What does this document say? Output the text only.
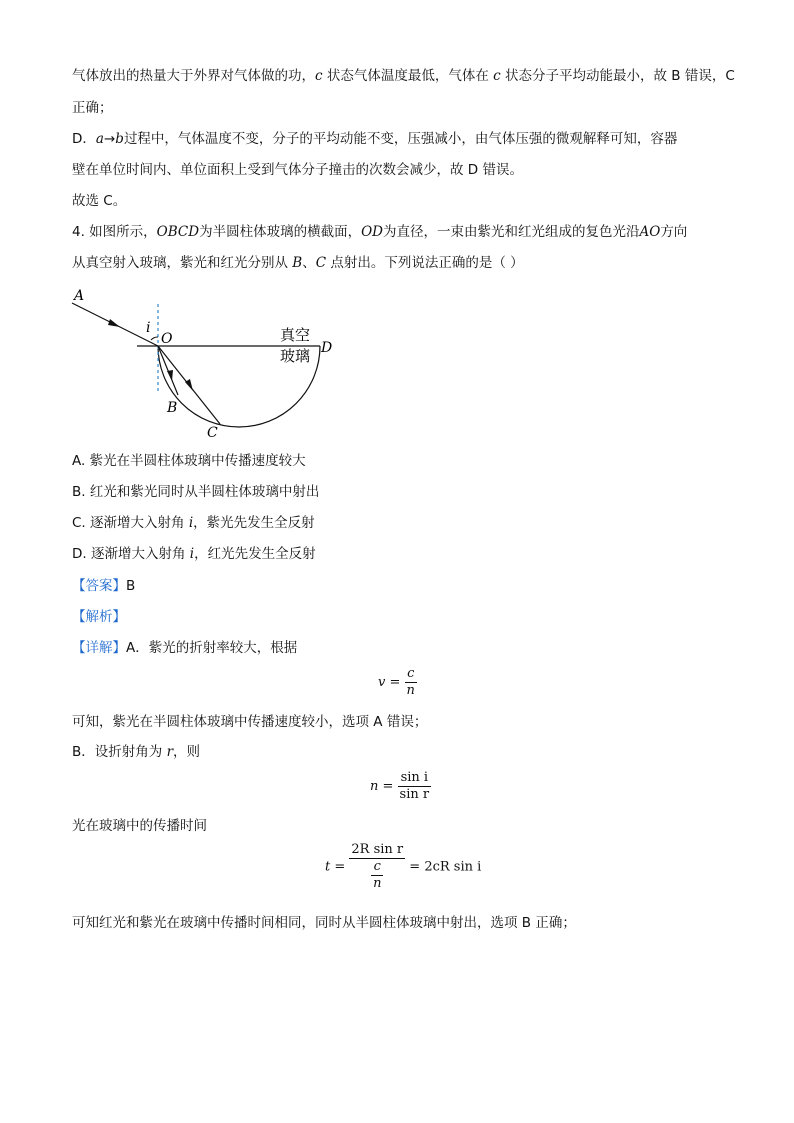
气体放出的热量大于外界对气体做的功，c 状态气体温度最低，气体在 c 状态分子平均动能最小，故 B 错误，C
正确；
D．a→b过程中，气体温度不变，分子的平均动能不变，压强减小，由气体压强的微观解释可知，容器
壁在单位时间内、单位面积上受到气体分子撞击的次数会减少，故 D 错误。
故选 C。
4. 如图所示，OBCD为半圆柱体玻璃的横截面，OD为直径，一束由紫光和红光组成的复色光沿AO方向
从真空射入玻璃，紫光和红光分别从 B、C 点射出。下列说法正确的是（ ）
A
i
O
D
B
C
真空
玻璃
A. 紫光在半圆柱体玻璃中传播速度较大
B. 红光和紫光同时从半圆柱体玻璃中射出
C. 逐渐增大入射角 i，紫光先发生全反射
D. 逐渐增大入射角 i，红光先发生全反射
【答案】B
【解析】
【详解】A．紫光的折射率较大，根据
$v = \frac{c}{n}$
可知，紫光在半圆柱体玻璃中传播速度较小，选项 A 错误；
B．设折射角为 r，则
$n = \frac{\text{sin i}}{\text{sin r}}$
光在玻璃中的传播时间
$t = \frac{\text{2R sin r}}{\frac{c}{n}} = 2cR$ sin i
可知红光和紫光在玻璃中传播时间相同，同时从半圆柱体玻璃中射出，选项 B 正确；
